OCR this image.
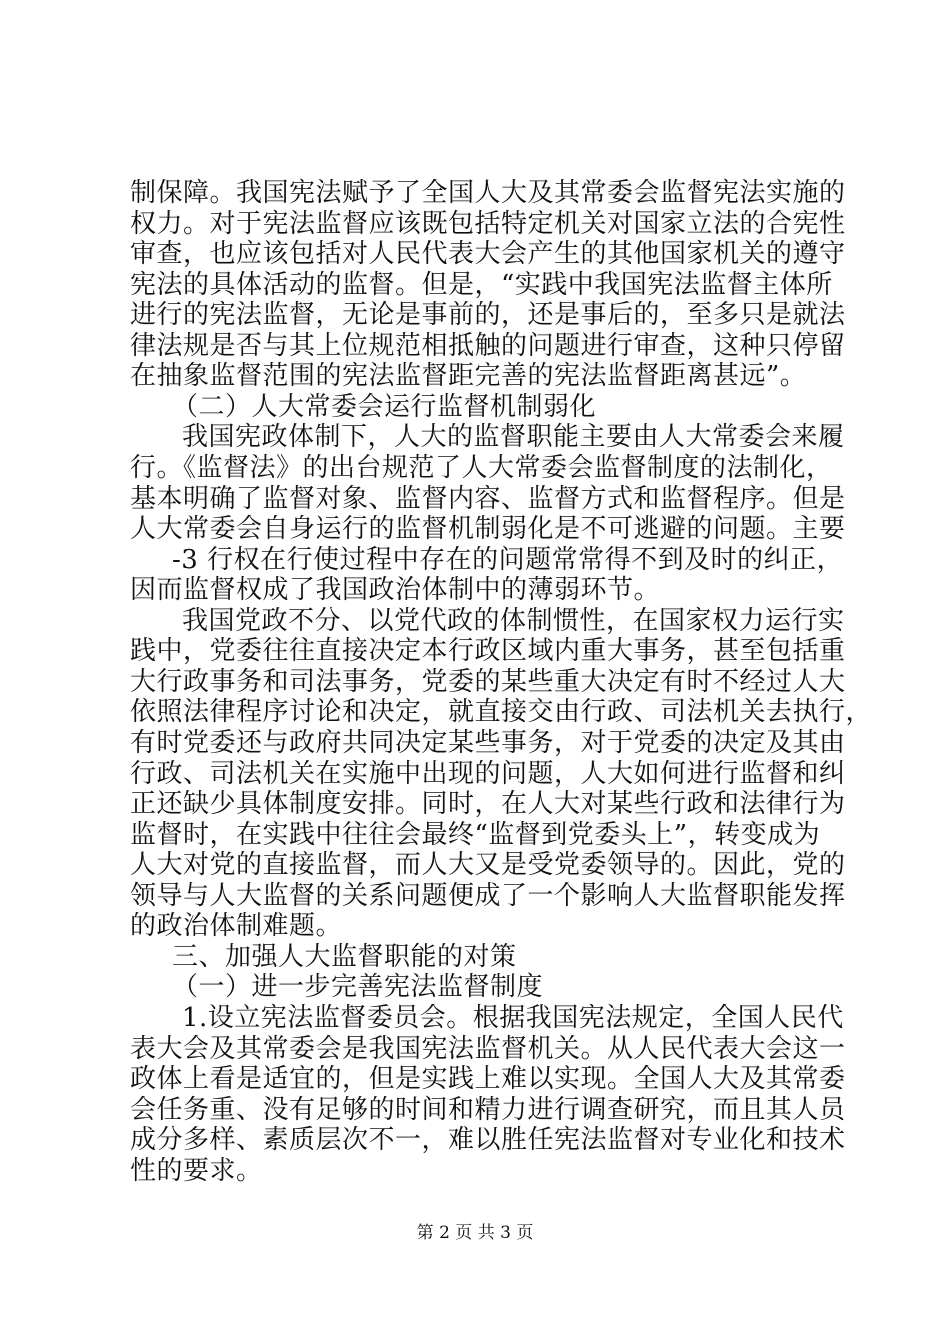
制保障。我国宪法赋予了全国人大及其常委会监督宪法实施的
权力。对于宪法监督应该既包括特定机关对国家立法的合宪性
审查，也应该包括对人民代表大会产生的其他国家机关的遵守
宪法的具体活动的监督。但是，“实践中我国宪法监督主体所
进行的宪法监督，无论是事前的，还是事后的，至多只是就法
律法规是否与其上位规范相抵触的问题进行审查，这种只停留
在抽象监督范围的宪法监督距完善的宪法监督距离甚远”。
（二）人大常委会运行监督机制弱化
我国宪政体制下，人大的监督职能主要由人大常委会来履
行。《监督法》的出台规范了人大常委会监督制度的法制化，
基本明确了监督对象、监督内容、监督方式和监督程序。但是
人大常委会自身运行的监督机制弱化是不可逃避的问题。主要
-3 行权在行使过程中存在的问题常常得不到及时的纠正，
因而监督权成了我国政治体制中的薄弱环节。
我国党政不分、以党代政的体制惯性，在国家权力运行实
践中，党委往往直接决定本行政区域内重大事务，甚至包括重
大行政事务和司法事务，党委的某些重大决定有时不经过人大
依照法律程序讨论和决定，就直接交由行政、司法机关去执行，
有时党委还与政府共同决定某些事务，对于党委的决定及其由
行政、司法机关在实施中出现的问题，人大如何进行监督和纠
正还缺少具体制度安排。同时，在人大对某些行政和法律行为
监督时，在实践中往往会最终“监督到党委头上”，转变成为
人大对党的直接监督，而人大又是受党委领导的。因此，党的
领导与人大监督的关系问题便成了一个影响人大监督职能发挥
的政治体制难题。
三、加强人大监督职能的对策
（一）进一步完善宪法监督制度
1.设立宪法监督委员会。根据我国宪法规定，全国人民代
表大会及其常委会是我国宪法监督机关。从人民代表大会这一
政体上看是适宜的，但是实践上难以实现。全国人大及其常委
会任务重、没有足够的时间和精力进行调查研究，而且其人员
成分多样、素质层次不一，难以胜任宪法监督对专业化和技术
性的要求。
第 2 页 共 3 页
